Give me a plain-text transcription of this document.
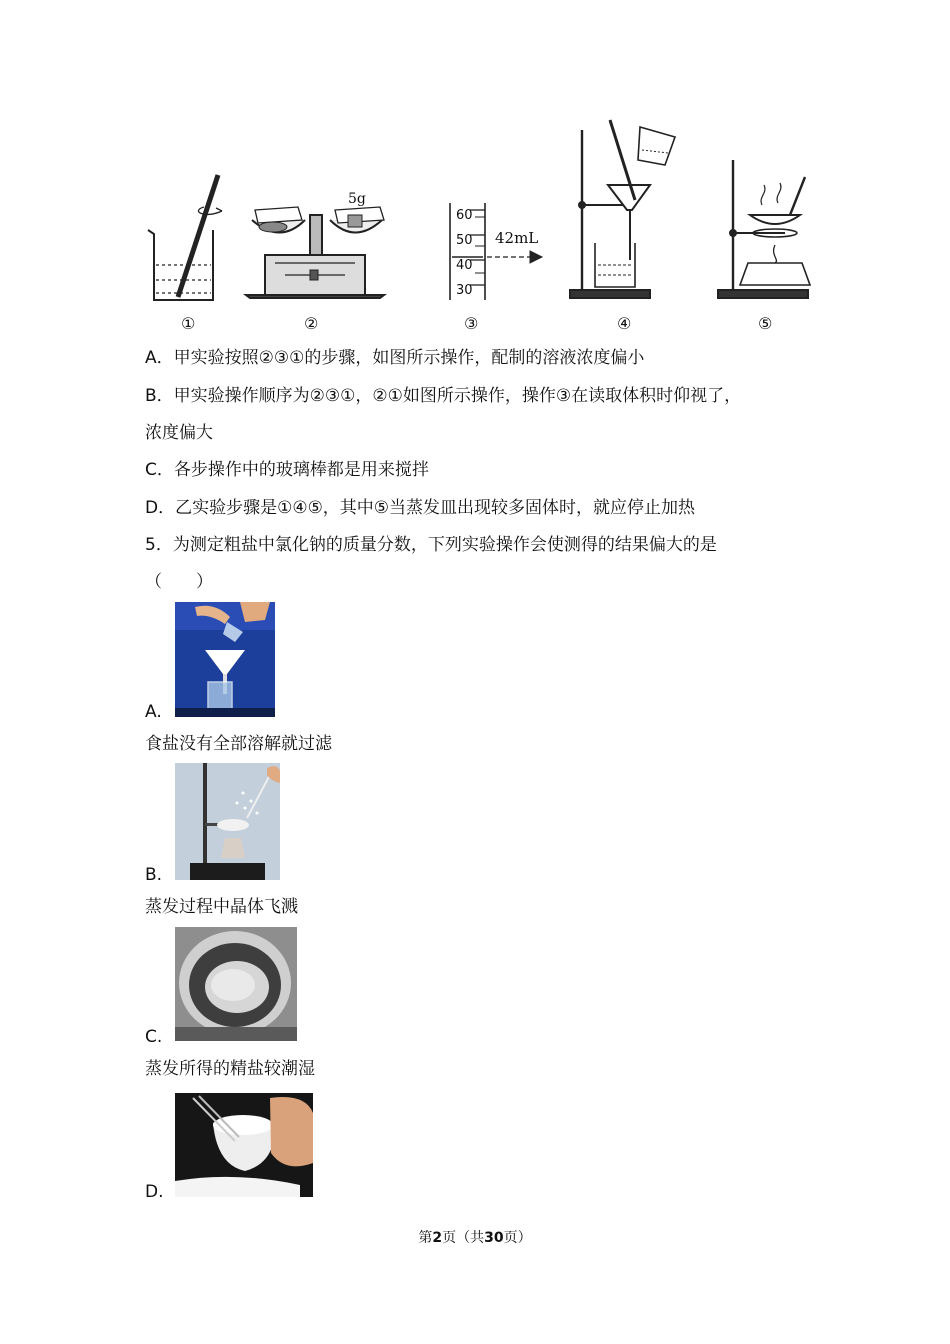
5g
60
50
40
30
42mL
①	②	③	④	⑤
A．甲实验按照②③①的步骤，如图所示操作，配制的溶液浓度偏小
B．甲实验操作顺序为②③①，②①如图所示操作，操作③在读取体积时仰视了，
浓度偏大
C．各步操作中的玻璃棒都是用来搅拌
D．乙实验步骤是①④⑤，其中⑤当蒸发皿出现较多固体时，就应停止加热
5．为测定粗盐中氯化钠的质量分数，下列实验操作会使测得的结果偏大的是
（　　）
A.
食盐没有全部溶解就过滤
B.
蒸发过程中晶体飞溅
C.
蒸发所得的精盐较潮湿
D.
第2页（共30页）
